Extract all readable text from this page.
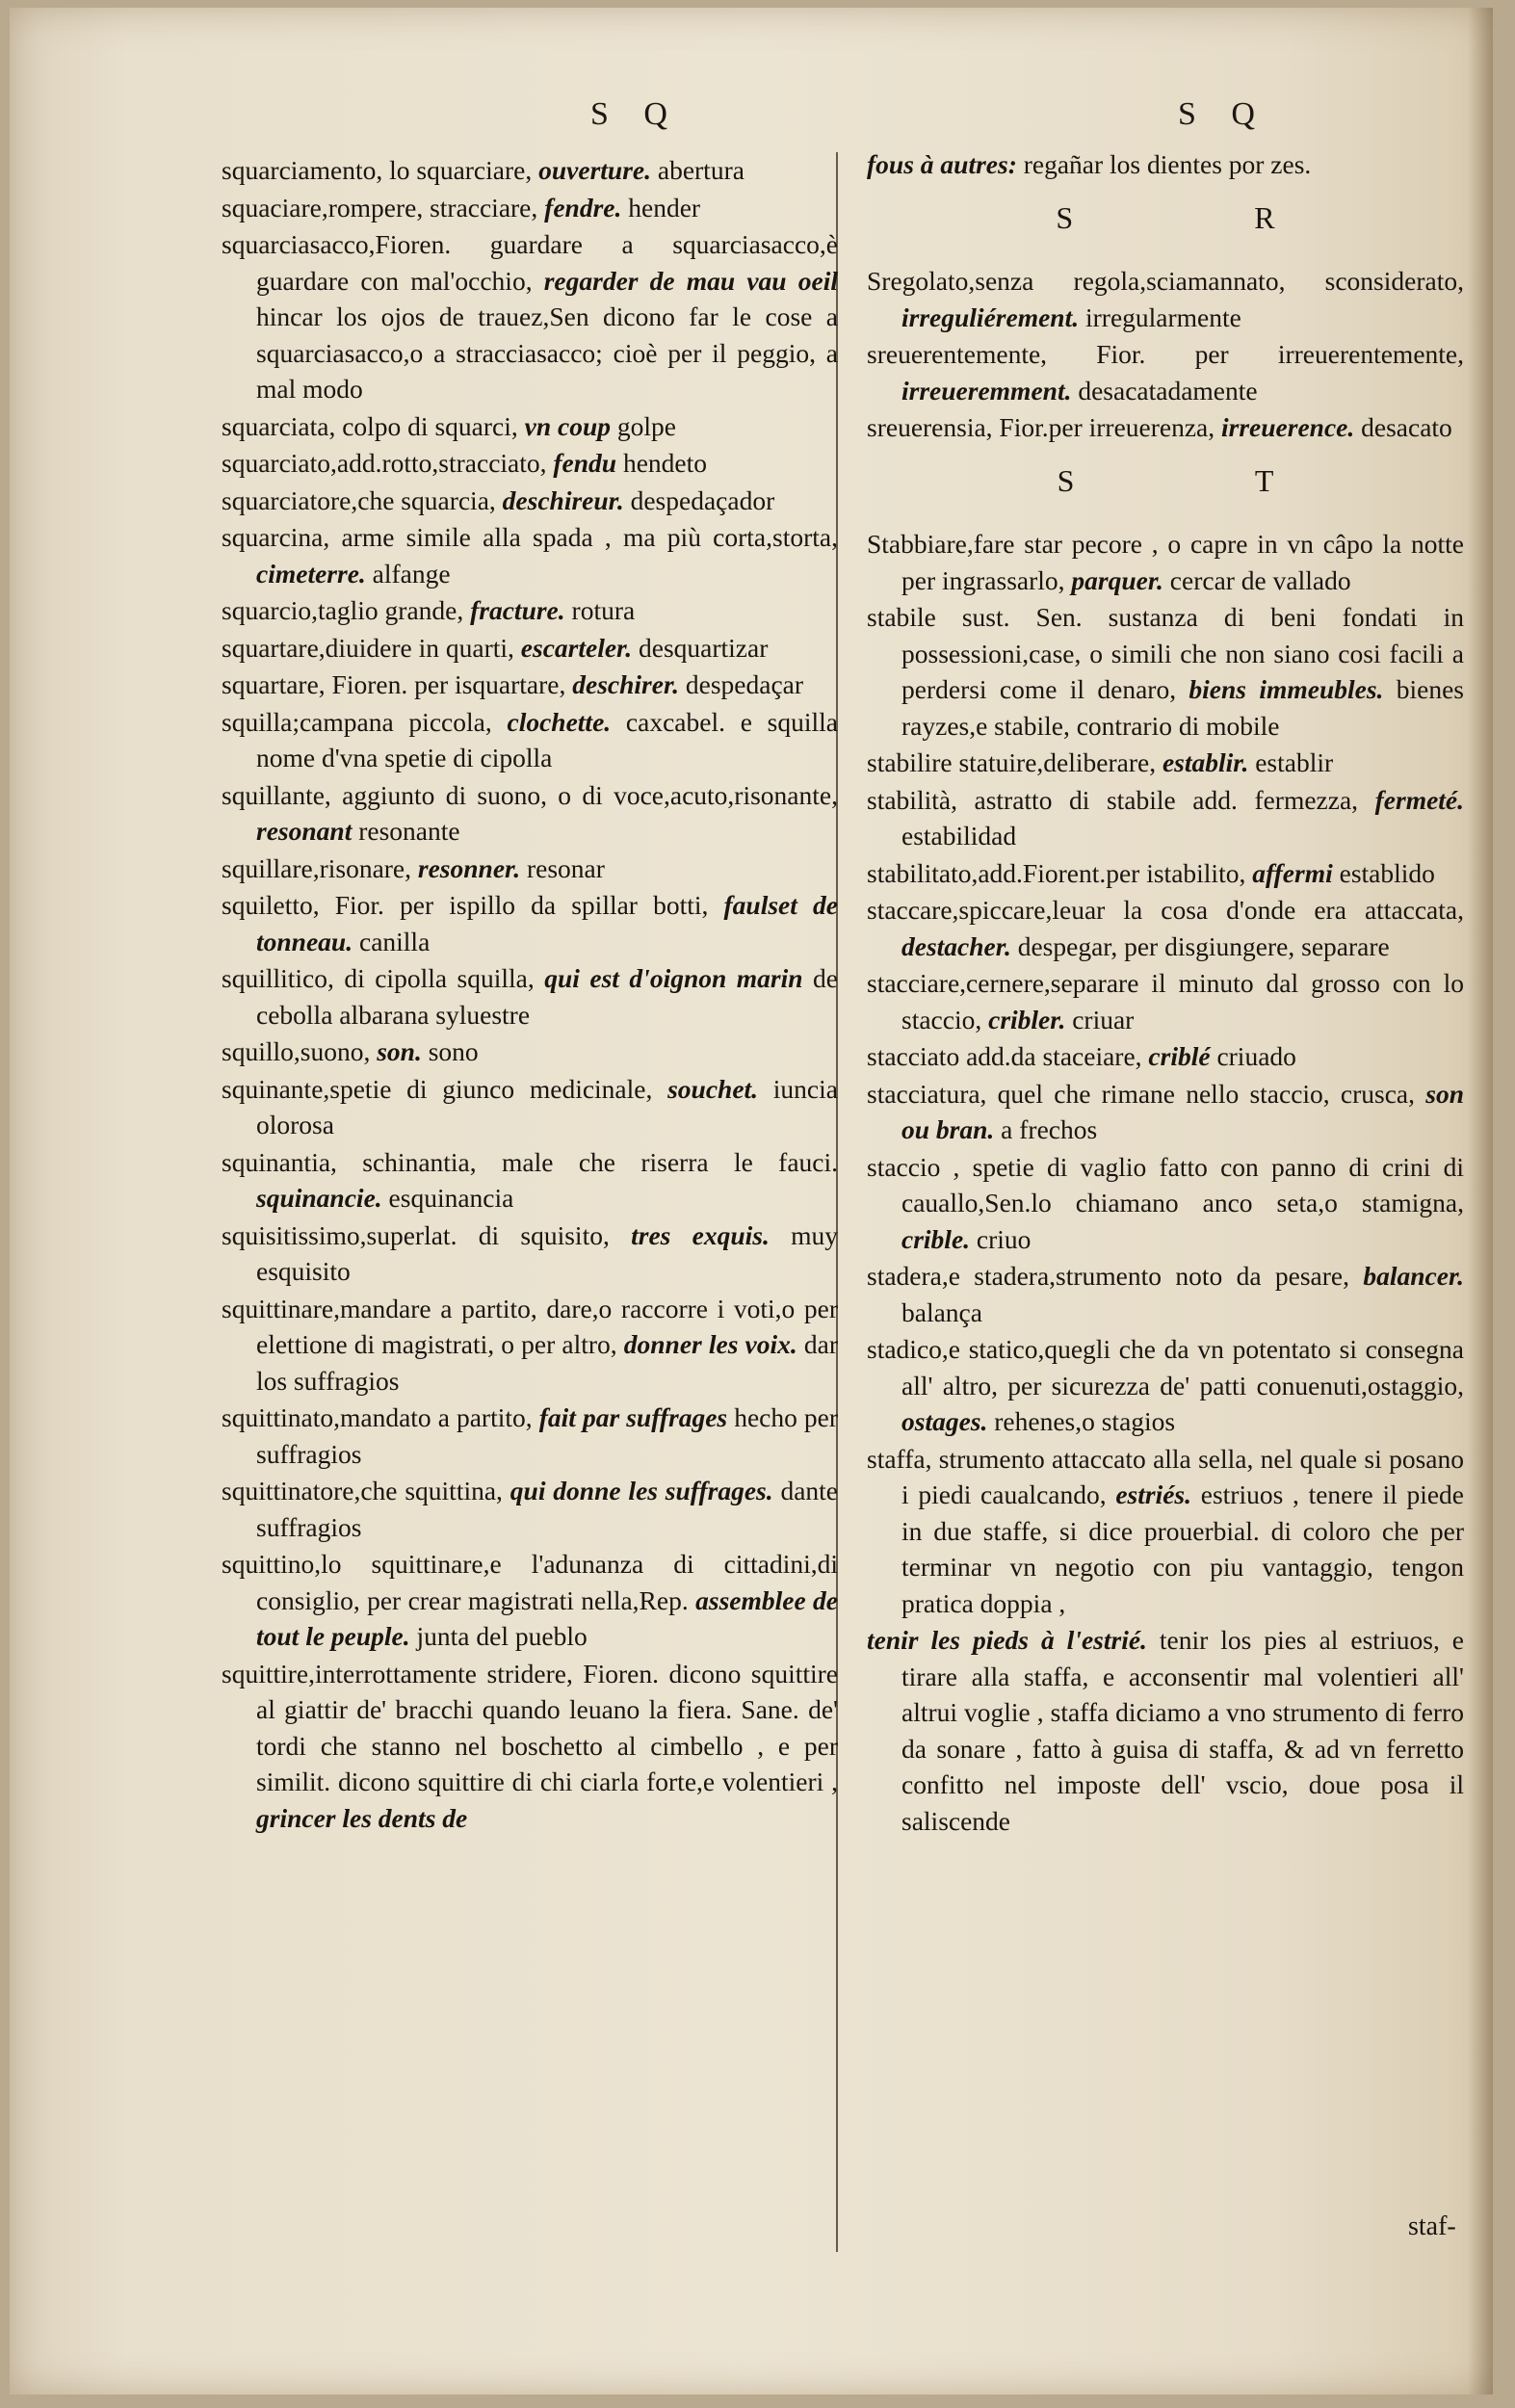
S Q	S Q

squarciamento, lo squarciare, ouverture. abertura

squaciare,rompere, stracciare, fendre. hender

squarciasacco,Fioren. guardare a squarciasacco,è guardare con mal'occhio, regarder de mau vau oeil hincar los ojos de trauez,Sen dicono far le cose a squarciasacco,o a stracciasacco; cioè per il peggio, a mal modo

squarciata, colpo di squarci, vn coup golpe

squarciato,add.rotto,stracciato, fendu hendeto

squarciatore,che squarcia, deschireur. despedaçador

squarcina, arme simile alla spada , ma più corta,storta, cimeterre. alfange

squarcio,taglio grande, fracture. rotura

squartare,diuidere in quarti, escarteler. desquartizar

squartare, Fioren. per isquartare, deschirer. despedaçar

squilla;campana piccola, clochette. caxcabel. e squilla nome d'vna spetie di cipolla

squillante, aggiunto di suono, o di voce,acuto,risonante, resonant resonante

squillare,risonare, resonner. resonar

squiletto, Fior. per ispillo da spillar botti, faulset de tonneau. canilla

squillitico, di cipolla squilla, qui est d'oignon marin de cebolla albarana syluestre

squillo,suono, son. sono

squinante,spetie di giunco medicinale, souchet. iuncia olorosa

squinantia, schinantia, male che riserra le fauci. squinancie. esquinancia

squisitissimo,superlat. di squisito, tres exquis. muy esquisito

squittinare,mandare a partito, dare,o raccorre i voti,o per elettione di magistrati, o per altro, donner les voix. dar los suffragios

squittinato,mandato a partito, fait par suffrages hecho per suffragios

squittinatore,che squittina, qui donne les suffrages. dante suffragios

squittino,lo squittinare,e l'adunanza di cittadini,di consiglio, per crear magistrati nella,Rep. assemblee de tout le peuple. junta del pueblo

squittire,interrottamente stridere, Fioren. dicono squittire al giattir de' bracchi quando leuano la fiera. Sane. de' tordi che stanno nel boschetto al cimbello , e per similit. dicono squittire di chi ciarla forte,e volentieri , grincer les dents de

fous à autres: regañar los dientes por zes.

S R

Sregolato,senza regola,sciamannato, sconsiderato, irreguliérement. irregularmente

sreuerentemente, Fior. per irreuerentemente, irreueremment. desacatadamente

sreuerensia, Fior.per irreuerenza, irreuerence. desacato

S T

Stabbiare,fare star pecore , o capre in vn câpo la notte per ingrassarlo, parquer. cercar de vallado

stabile sust. Sen. sustanza di beni fondati in possessioni,case, o simili che non siano cosi facili a perdersi come il denaro, biens immeubles. bienes rayzes,e stabile, contrario di mobile

stabilire statuire,deliberare, establir. establir

stabilità, astratto di stabile add. fermezza, fermeté. estabilidad

stabilitato,add.Fiorent.per istabilito, affermi establido

staccare,spiccare,leuar la cosa d'onde era attaccata, destacher. despegar, per disgiungere, separare

stacciare,cernere,separare il minuto dal grosso con lo staccio, cribler. criuar

stacciato add.da staceiare, criblé criuado

stacciatura, quel che rimane nello staccio, crusca, son ou bran. a frechos

staccio , spetie di vaglio fatto con panno di crini di cauallo,Sen.lo chiamano anco seta,o stamigna, crible. criuo

stadera,e stadera,strumento noto da pesare, balancer. balança

stadico,e statico,quegli che da vn potentato si consegna all' altro, per sicurezza de' patti conuenuti,ostaggio, ostages. rehenes,o stagios

staffa, strumento attaccato alla sella, nel quale si posano i piedi caualcando, estriés. estriuos , tenere il piede in due staffe, si dice prouerbial. di coloro che per terminar vn negotio con piu vantaggio, tengon pratica doppia ,

tenir les pieds à l'estrié. tenir los pies al estriuos, e tirare alla staffa, e acconsentir mal volentieri all' altrui voglie , staffa diciamo a vno strumento di ferro da sonare , fatto à guisa di staffa, & ad vn ferretto confitto nel imposte dell' vscio, doue posa il saliscende

staf-
